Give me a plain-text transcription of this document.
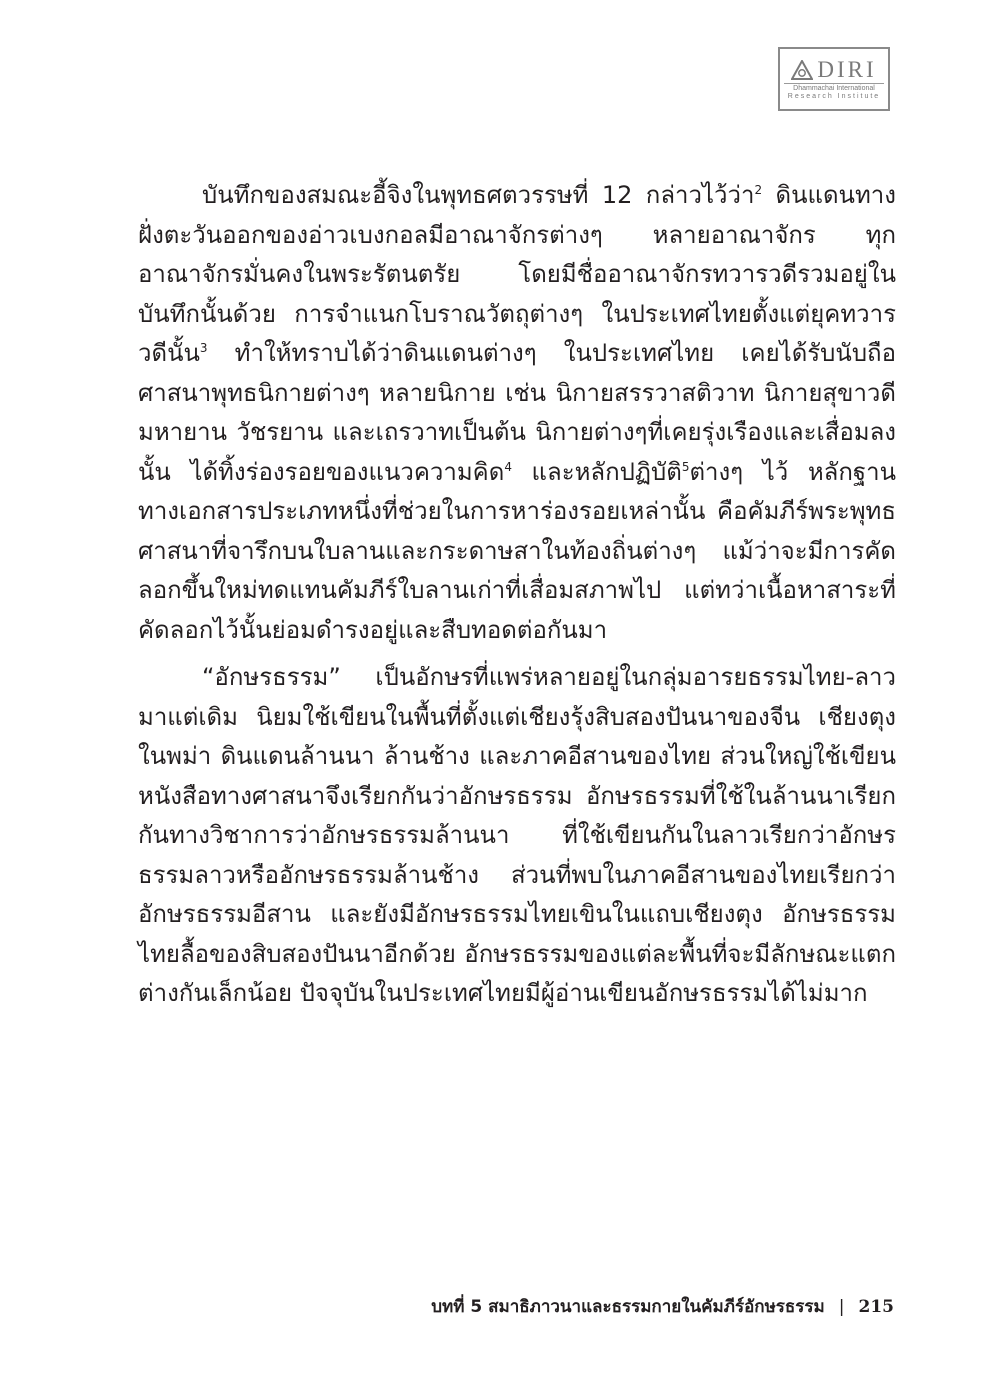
DIRI
Dhammachai International
Research Institute

บันทึกของสมณะอี้จิงในพุทธศตวรรษที่ 12 กล่าวไว้ว่า$^2$ ดินแดนทางฝั่งตะวันออกของอ่าวเบงกอลมีอาณาจักรต่างๆ หลายอาณาจักร ทุกอาณาจักรมั่นคงในพระรัตนตรัย โดยมีชื่ออาณาจักรทวารวดีรวมอยู่ในบันทึกนั้นด้วย การจำแนกโบราณวัตถุต่างๆ ในประเทศไทยตั้งแต่ยุคทวารวดีนั้น$^3$ ทำให้ทราบได้ว่าดินแดนต่างๆ ในประเทศไทย เคยได้รับนับถือศาสนาพุทธนิกายต่างๆ หลายนิกาย เช่น นิกายสรรวาสติวาท นิกายสุขาวดีมหายาน วัชรยาน และเถรวาทเป็นต้น นิกายต่างๆที่เคยรุ่งเรืองและเสื่อมลงนั้น ได้ทิ้งร่องรอยของแนวความคิด$^4$ และหลักปฏิบัติ$^5$ต่างๆ ไว้ หลักฐานทางเอกสารประเภทหนึ่งที่ช่วยในการหาร่องรอยเหล่านั้น คือคัมภีร์พระพุทธศาสนาที่จารึกบนใบลานและกระดาษสาในท้องถิ่นต่างๆ แม้ว่าจะมีการคัดลอกขึ้นใหม่ทดแทนคัมภีร์ใบลานเก่าที่เสื่อมสภาพไป แต่ทว่าเนื้อหาสาระที่คัดลอกไว้นั้นย่อมดำรงอยู่และสืบทอดต่อกันมา

“อักษรธรรม” เป็นอักษรที่แพร่หลายอยู่ในกลุ่มอารยธรรมไทย-ลาว มาแต่เดิม นิยมใช้เขียนในพื้นที่ตั้งแต่เชียงรุ้งสิบสองปันนาของจีน เชียงตุงในพม่า ดินแดนล้านนา ล้านช้าง และภาคอีสานของไทย ส่วนใหญ่ใช้เขียนหนังสือทางศาสนาจึงเรียกกันว่าอักษรธรรม อักษรธรรมที่ใช้ในล้านนาเรียกกันทางวิชาการว่าอักษรธรรมล้านนา ที่ใช้เขียนกันในลาวเรียกว่าอักษรธรรมลาวหรืออักษรธรรมล้านช้าง ส่วนที่พบในภาคอีสานของไทยเรียกว่าอักษรธรรมอีสาน และยังมีอักษรธรรมไทยเขินในแถบเชียงตุง อักษรธรรมไทยลื้อของสิบสองปันนาอีกด้วย อักษรธรรมของแต่ละพื้นที่จะมีลักษณะแตกต่างกันเล็กน้อย ปัจจุบันในประเทศไทยมีผู้อ่านเขียนอักษรธรรมได้ไม่มาก

บทที่ 5 สมาธิภาวนาและธรรมกายในคัมภีร์อักษรธรรม | 215
